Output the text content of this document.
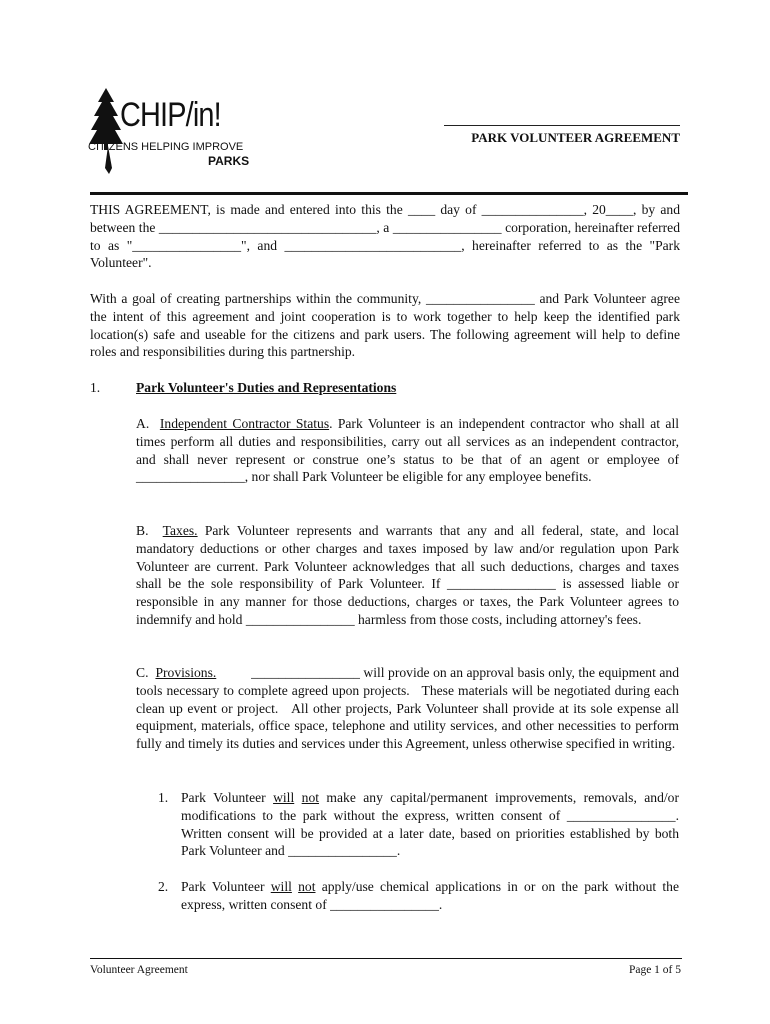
CHIP/in!
CITIZENS HELPING IMPROVE
PARKS
PARK VOLUNTEER AGREEMENT

THIS AGREEMENT, is made and entered into this the ____ day of _______________, 20____, by and between the ________________________________, a ________________ corporation, hereinafter referred to as "________________", and __________________________, hereinafter referred to as the "Park Volunteer".

With a goal of creating partnerships within the community, ________________ and Park Volunteer agree the intent of this agreement and joint cooperation is to work together to help keep the identified park location(s) safe and useable for the citizens and park users. The following agreement will help to define roles and responsibilities during this partnership.

1.	Park Volunteer's Duties and Representations

A. Independent Contractor Status. Park Volunteer is an independent contractor who shall at all times perform all duties and responsibilities, carry out all services as an independent contractor, and shall never represent or construe one’s status to be that of an agent or employee of ________________, nor shall Park Volunteer be eligible for any employee benefits.

B. Taxes. Park Volunteer represents and warrants that any and all federal, state, and local mandatory deductions or other charges and taxes imposed by law and/or regulation upon Park Volunteer are current. Park Volunteer acknowledges that all such deductions, charges and taxes shall be the sole responsibility of Park Volunteer. If ________________ is assessed liable or responsible in any manner for those deductions, charges or taxes, the Park Volunteer agrees to indemnify and hold ________________ harmless from those costs, including attorney's fees.

C. Provisions.          ________________ will provide on an approval basis only, the equipment and tools necessary to complete agreed upon projects.   These materials will be negotiated during each clean up event or project.   All other projects, Park Volunteer shall provide at its sole expense all equipment, materials, office space, telephone and utility services, and other necessities to perform fully and timely its duties and services under this Agreement, unless otherwise specified in writing.

1. Park Volunteer will not make any capital/permanent improvements, removals, and/or modifications to the park without the express, written consent of ________________. Written consent will be provided at a later date, based on priorities established by both Park Volunteer and ________________.

2. Park Volunteer will not apply/use chemical applications in or on the park without the express, written consent of ________________.

Volunteer Agreement	Page 1 of 5
